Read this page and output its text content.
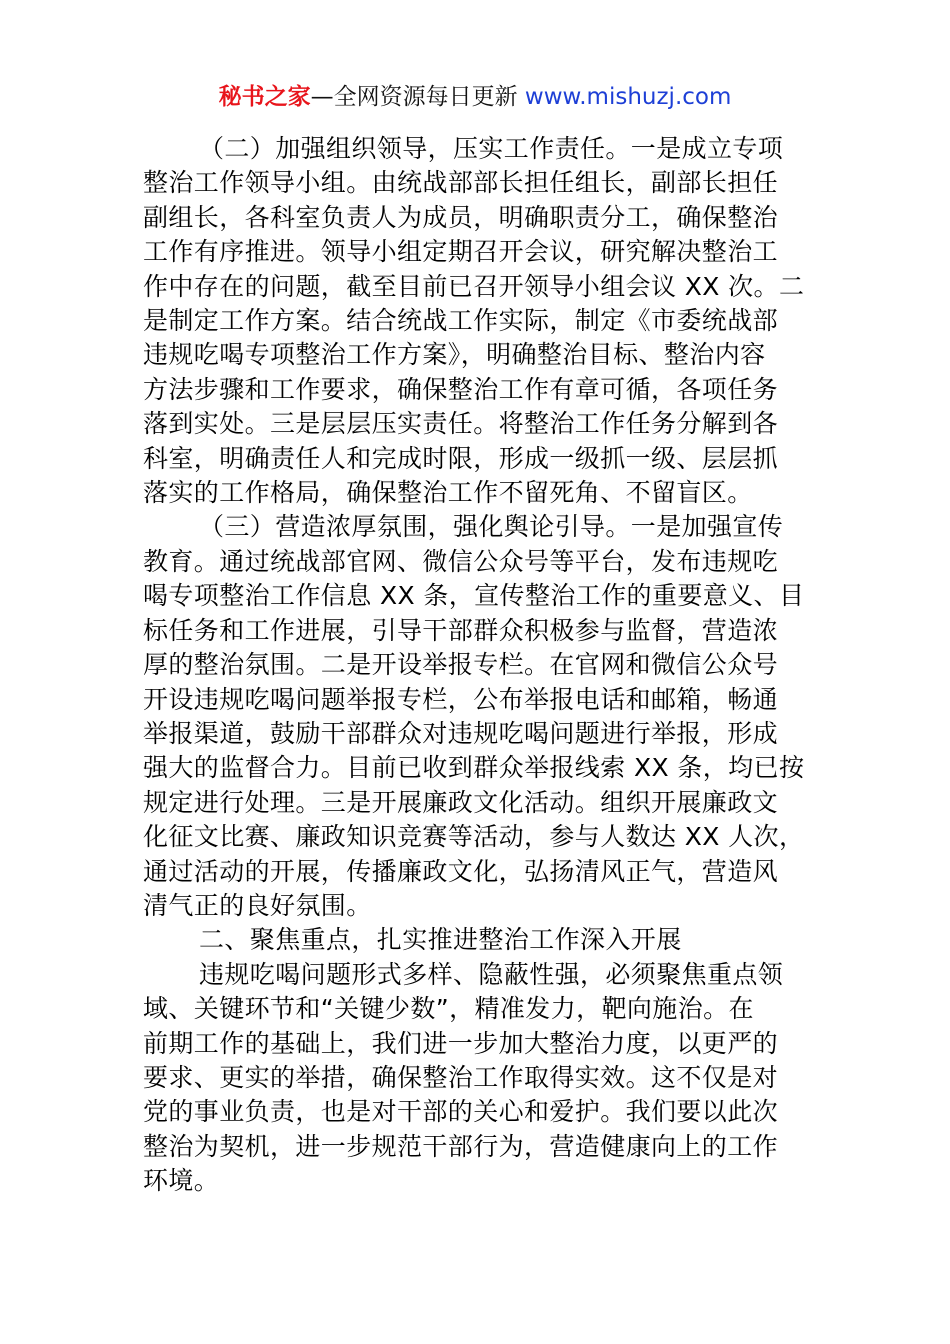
秘书之家—全网资源每日更新 www.mishuzj.com
（二）加强组织领导，压实工作责任。一是成立专项
整治工作领导小组。由统战部部长担任组长，副部长担任
副组长，各科室负责人为成员，明确职责分工，确保整治
工作有序推进。领导小组定期召开会议，研究解决整治工
作中存在的问题，截至目前已召开领导小组会议 XX 次。二
是制定工作方案。结合统战工作实际，制定《市委统战部
违规吃喝专项整治工作方案》，明确整治目标、整治内容
方法步骤和工作要求，确保整治工作有章可循，各项任务
落到实处。三是层层压实责任。将整治工作任务分解到各
科室，明确责任人和完成时限，形成一级抓一级、层层抓
落实的工作格局，确保整治工作不留死角、不留盲区。
（三）营造浓厚氛围，强化舆论引导。一是加强宣传
教育。通过统战部官网、微信公众号等平台，发布违规吃
喝专项整治工作信息 XX 条，宣传整治工作的重要意义、目
标任务和工作进展，引导干部群众积极参与监督，营造浓
厚的整治氛围。二是开设举报专栏。在官网和微信公众号
开设违规吃喝问题举报专栏，公布举报电话和邮箱，畅通
举报渠道，鼓励干部群众对违规吃喝问题进行举报，形成
强大的监督合力。目前已收到群众举报线索 XX 条，均已按
规定进行处理。三是开展廉政文化活动。组织开展廉政文
化征文比赛、廉政知识竞赛等活动，参与人数达 XX 人次，
通过活动的开展，传播廉政文化，弘扬清风正气，营造风
清气正的良好氛围。
二、聚焦重点，扎实推进整治工作深入开展
违规吃喝问题形式多样、隐蔽性强，必须聚焦重点领
域、关键环节和“关键少数”，精准发力，靶向施治。在
前期工作的基础上，我们进一步加大整治力度，以更严的
要求、更实的举措，确保整治工作取得实效。这不仅是对
党的事业负责，也是对干部的关心和爱护。我们要以此次
整治为契机，进一步规范干部行为，营造健康向上的工作
环境。
